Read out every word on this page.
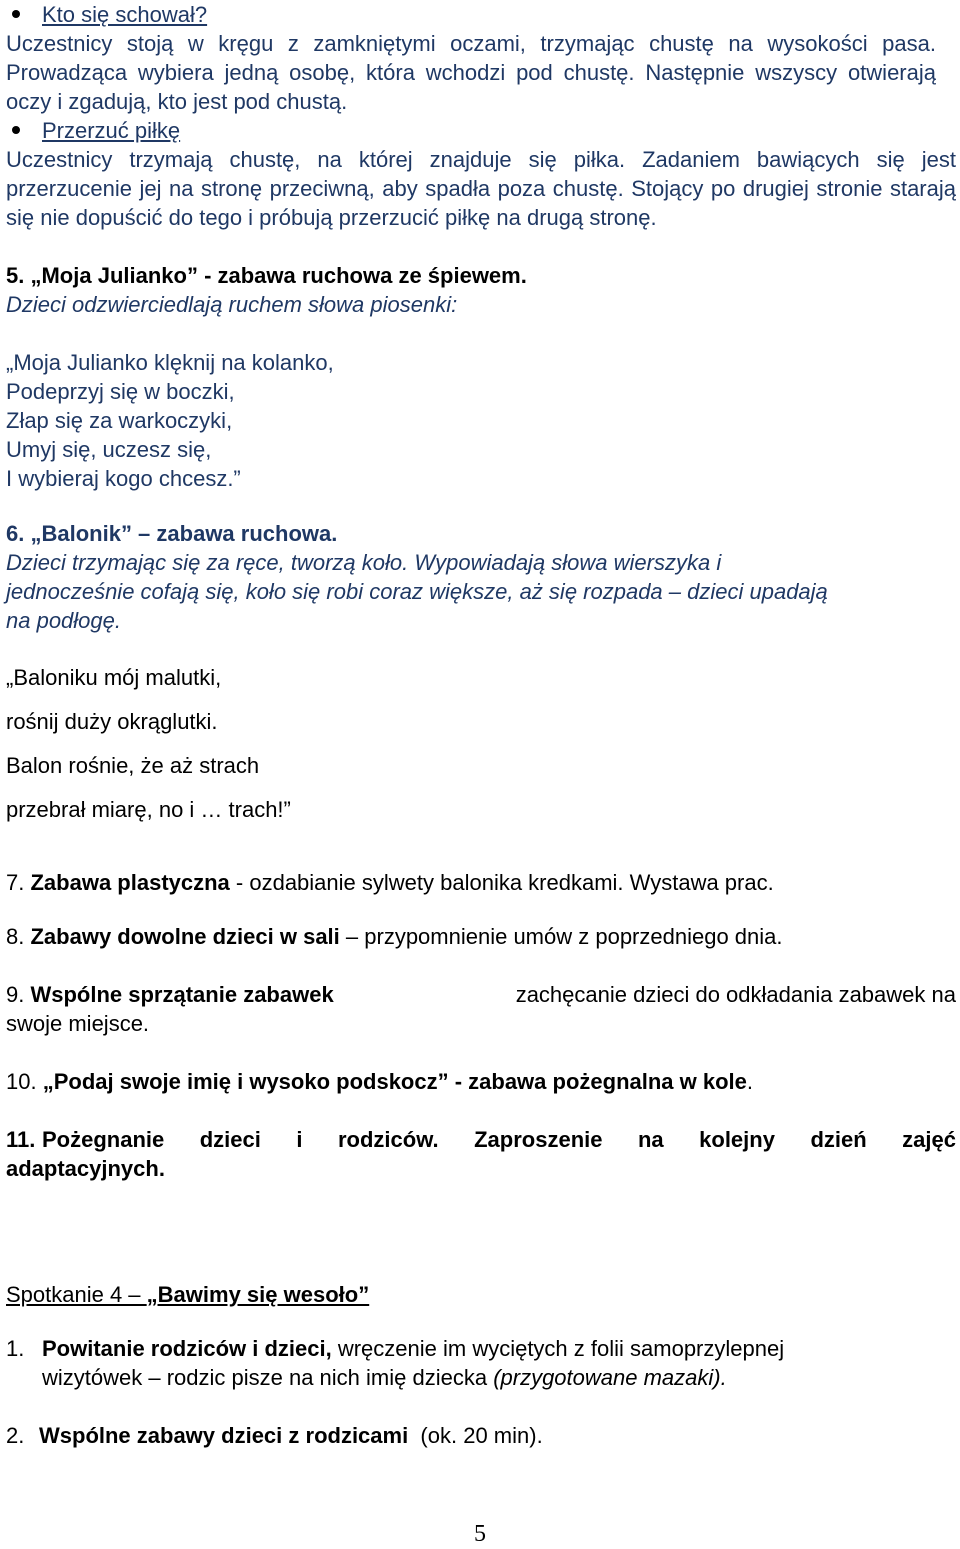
Kto się schował?
Uczestnicy stoją w kręgu z zamkniętymi oczami, trzymając chustę na wysokości pasa. Prowadząca wybiera jedną osobę, która wchodzi pod chustę. Następnie wszyscy otwierają oczy i zgadują, kto jest pod chustą.
Przerzuć piłkę
Uczestnicy trzymają chustę, na której znajduje się piłka. Zadaniem bawiących się jest przerzucenie jej na stronę przeciwną, aby spadła poza chustę. Stojący po drugiej stronie starają się nie dopuścić do tego i próbują przerzucić piłkę na drugą stronę.
5. „Moja Julianko” - zabawa ruchowa ze śpiewem.
Dzieci odzwierciedlają ruchem słowa piosenki:
„Moja Julianko klęknij na kolanko,
Podeprzyj się w boczki,
Złap się za warkoczyki,
Umyj się, uczesz się,
I wybieraj kogo chcesz.”
6. „Balonik” – zabawa ruchowa.
Dzieci trzymając się za ręce, tworzą koło. Wypowiadają słowa wierszyka i
jednocześnie cofają się, koło się robi coraz większe, aż się rozpada – dzieci upadają
na podłogę.
„Baloniku mój malutki,
rośnij duży okrąglutki.
Balon rośnie, że aż strach
przebrał miarę, no i … trach!”
7. Zabawa plastyczna - ozdabianie sylwety balonika kredkami. Wystawa prac.
8. Zabawy dowolne dzieci w sali – przypomnienie umów z poprzedniego dnia.
9. Wspólne sprzątanie zabawek	zachęcanie dzieci do odkładania zabawek na
swoje miejsce.
10. „Podaj swoje imię i wysoko podskocz” - zabawa pożegnalna w kole.
11. Pożegnanie dzieci i rodziców. Zaproszenie na kolejny dzień zajęć
adaptacyjnych.
Spotkanie 4 – „Bawimy się wesoło”
1. Powitanie rodziców i dzieci, wręczenie im wyciętych z folii samoprzylepnej
wizytówek – rodzic pisze na nich imię dziecka (przygotowane mazaki).
2. Wspólne zabawy dzieci z rodzicami  (ok. 20 min).
5
